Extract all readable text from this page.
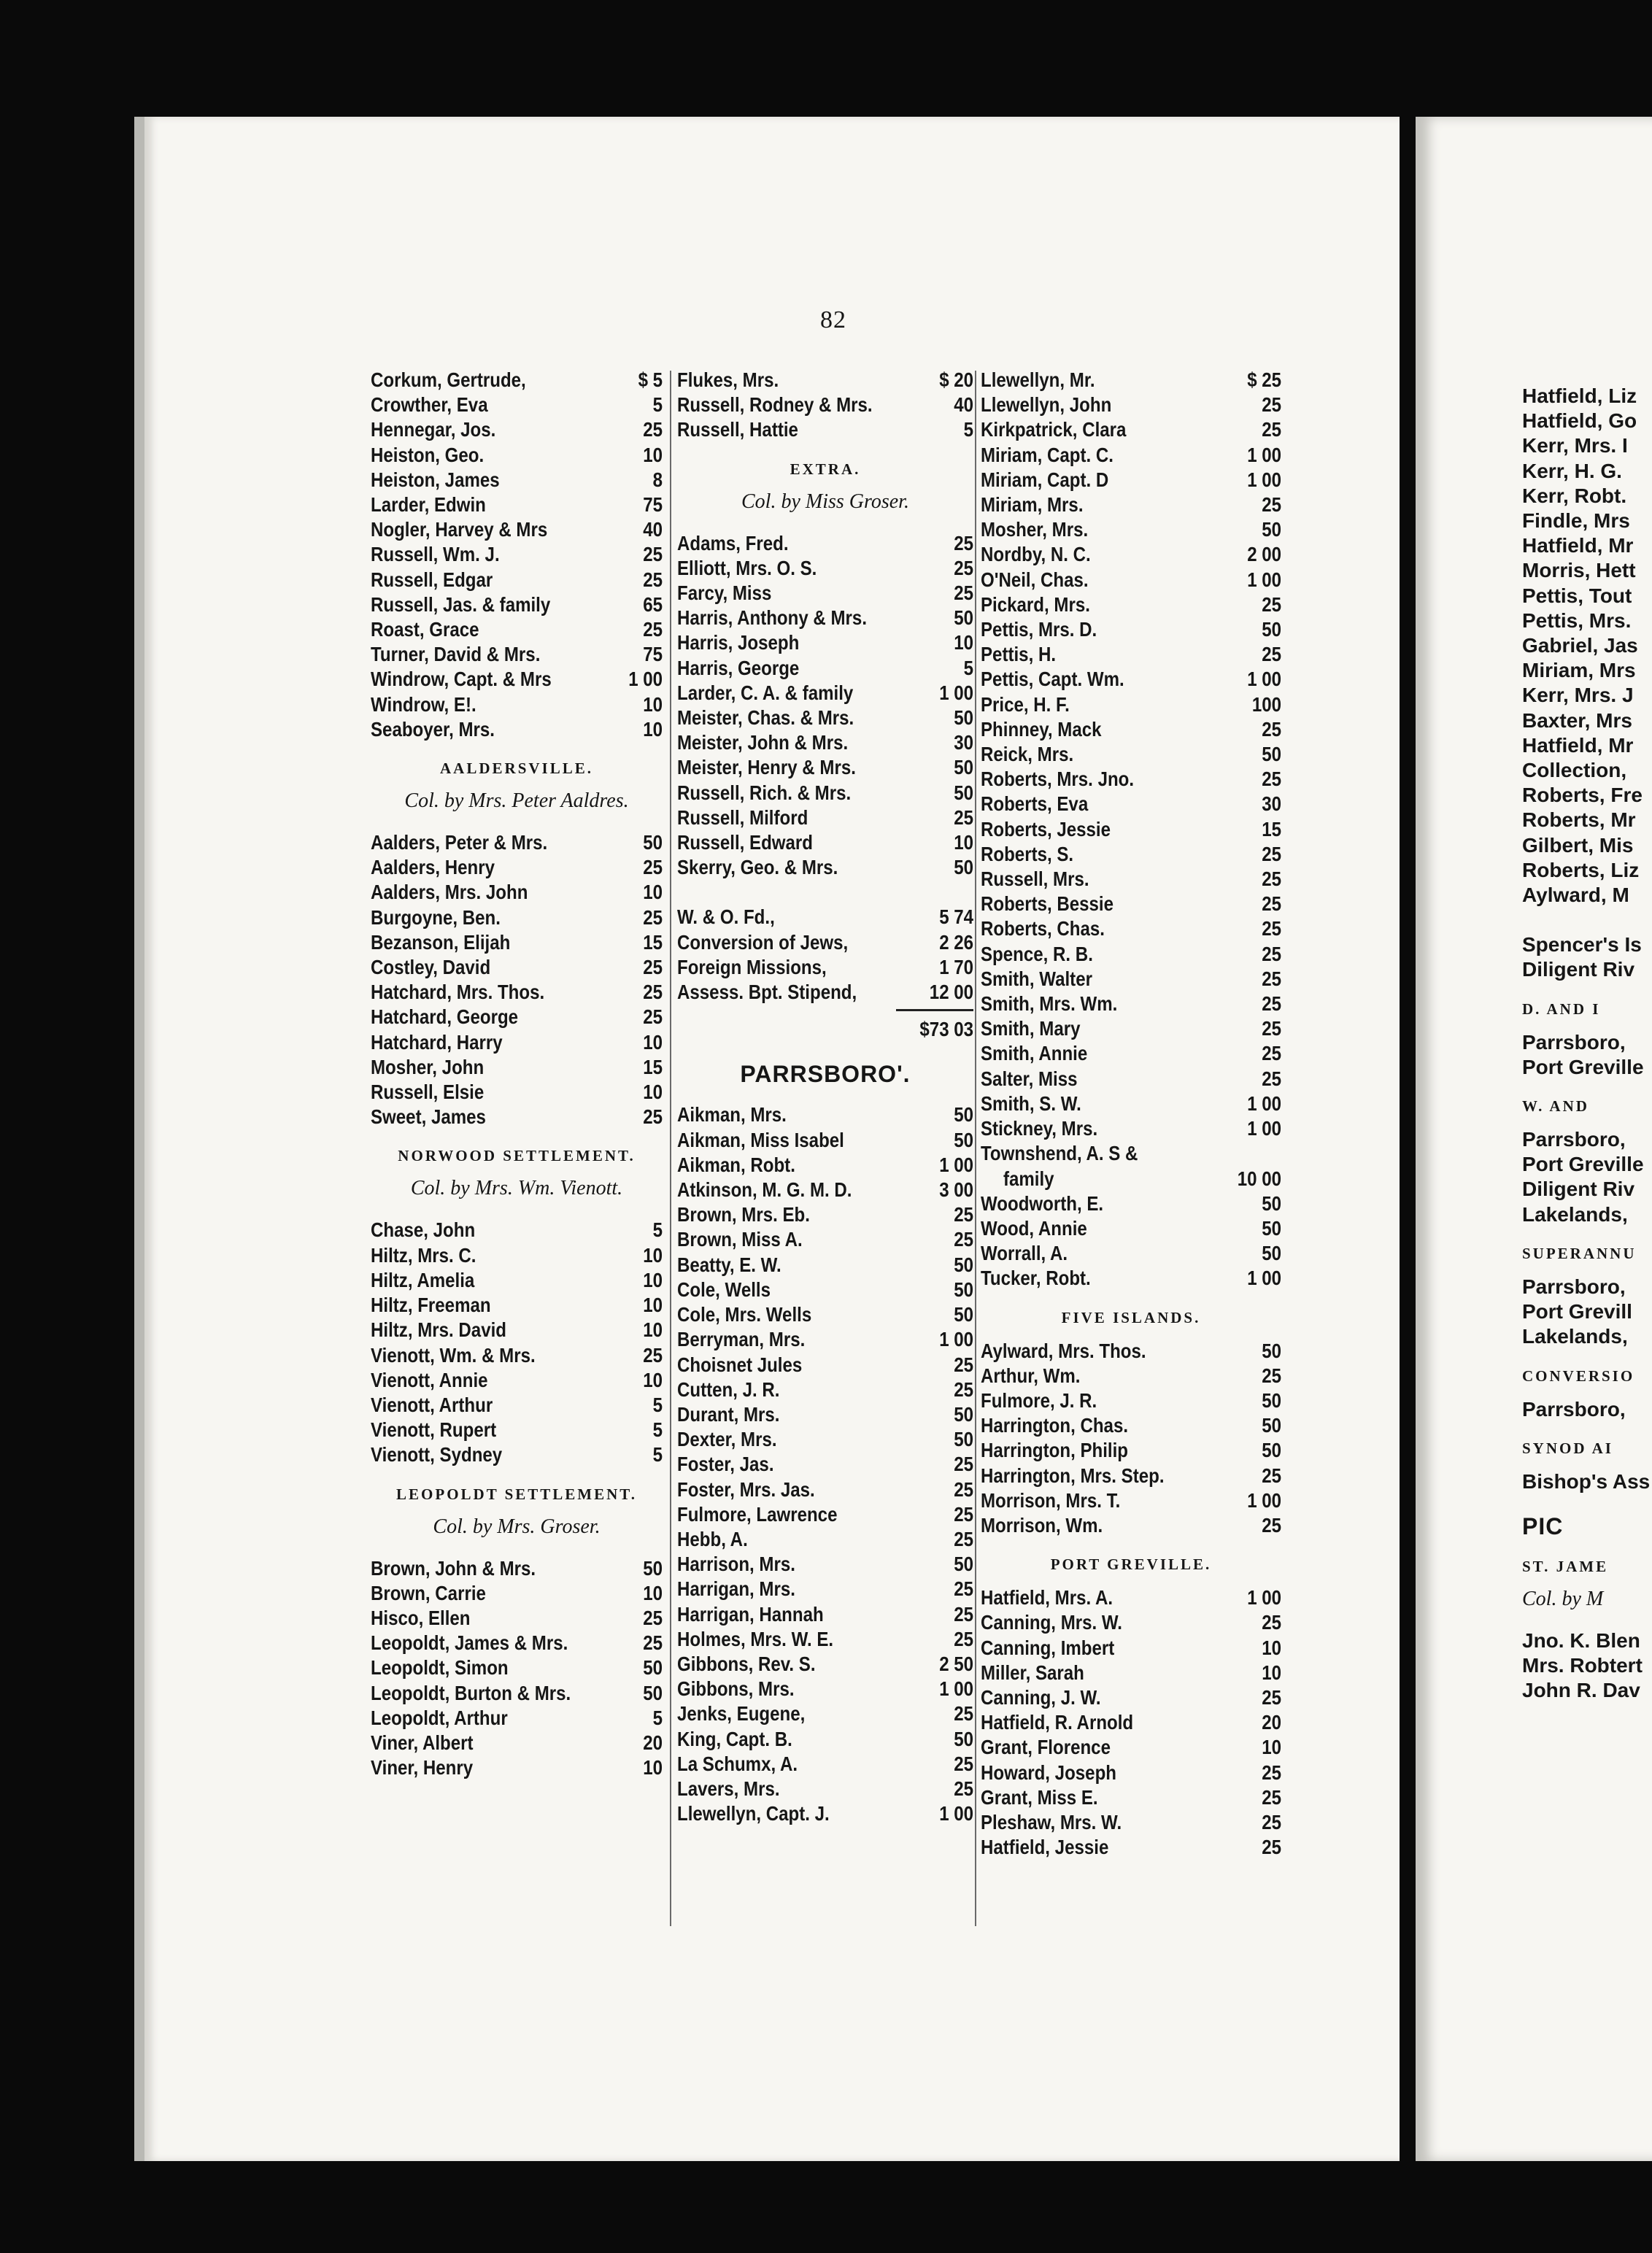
82
Corkum, Gertrude,	$ 5
Crowther, Eva	5
Hennegar, Jos.	25
Heiston, Geo.	10
Heiston, James	8
Larder, Edwin	75
Nogler, Harvey & Mrs	40
Russell, Wm. J.	25
Russell, Edgar	25
Russell, Jas. & family	65
Roast, Grace	25
Turner, David & Mrs.	75
Windrow, Capt. & Mrs	1 00
Windrow, E!.	10
Seaboyer, Mrs.	10
AALDERSVILLE.
Col. by Mrs. Peter Aaldres.
Aalders, Peter & Mrs.	50
Aalders, Henry	25
Aalders, Mrs. John	10
Burgoyne, Ben.	25
Bezanson, Elijah	15
Costley, David	25
Hatchard, Mrs. Thos.	25
Hatchard, George	25
Hatchard, Harry	10
Mosher, John	15
Russell, Elsie	10
Sweet, James	25
NORWOOD SETTLEMENT.
Col. by Mrs. Wm. Vienott.
Chase, John	5
Hiltz, Mrs. C.	10
Hiltz, Amelia	10
Hiltz, Freeman	10
Hiltz, Mrs. David	10
Vienott, Wm. & Mrs.	25
Vienott, Annie	10
Vienott, Arthur	5
Vienott, Rupert	5
Vienott, Sydney	5
LEOPOLDT SETTLEMENT.
Col. by Mrs. Groser.
Brown, John & Mrs.	50
Brown, Carrie	10
Hisco, Ellen	25
Leopoldt, James & Mrs.	25
Leopoldt, Simon	50
Leopoldt, Burton & Mrs.	50
Leopoldt, Arthur	5
Viner, Albert	20
Viner, Henry	10
Flukes, Mrs.	$ 20
Russell, Rodney & Mrs.	40
Russell, Hattie	5
EXTRA.
Col. by Miss Groser.
Adams, Fred.	25
Elliott, Mrs. O. S.	25
Farcy, Miss	25
Harris, Anthony & Mrs.	50
Harris, Joseph	10
Harris, George	5
Larder, C. A. & family	1 00
Meister, Chas. & Mrs.	50
Meister, John & Mrs.	30
Meister, Henry & Mrs.	50
Russell, Rich. & Mrs.	50
Russell, Milford	25
Russell, Edward	10
Skerry, Geo. & Mrs.	50
W. & O. Fd.,	5 74
Conversion of Jews,	2 26
Foreign Missions,	1 70
Assess. Bpt. Stipend,	12 00
$73 03
PARRSBORO'.
Aikman, Mrs.	50
Aikman, Miss Isabel	50
Aikman, Robt.	1 00
Atkinson, M. G. M. D.	3 00
Brown, Mrs. Eb.	25
Brown, Miss A.	25
Beatty, E. W.	50
Cole, Wells	50
Cole, Mrs. Wells	50
Berryman, Mrs.	1 00
Choisnet Jules	25
Cutten, J. R.	25
Durant, Mrs.	50
Dexter, Mrs.	50
Foster, Jas.	25
Foster, Mrs. Jas.	25
Fulmore, Lawrence	25
Hebb, A.	25
Harrison, Mrs.	50
Harrigan, Mrs.	25
Harrigan, Hannah	25
Holmes, Mrs. W. E.	25
Gibbons, Rev. S.	2 50
Gibbons, Mrs.	1 00
Jenks, Eugene,	25
King, Capt. B.	50
La Schumx, A.	25
Lavers, Mrs.	25
Llewellyn, Capt. J.	1 00
Llewellyn, Mr.	$ 25
Llewellyn, John	25
Kirkpatrick, Clara	25
Miriam, Capt. C.	1 00
Miriam, Capt. D	1 00
Miriam, Mrs.	25
Mosher, Mrs.	50
Nordby, N. C.	2 00
O'Neil, Chas.	1 00
Pickard, Mrs.	25
Pettis, Mrs. D.	50
Pettis, H.	25
Pettis, Capt. Wm.	1 00
Price, H. F.	100
Phinney, Mack	25
Reick, Mrs.	50
Roberts, Mrs. Jno.	25
Roberts, Eva	30
Roberts, Jessie	15
Roberts, S.	25
Russell, Mrs.	25
Roberts, Bessie	25
Roberts, Chas.	25
Spence, R. B.	25
Smith, Walter	25
Smith, Mrs. Wm.	25
Smith, Mary	25
Smith, Annie	25
Salter, Miss	25
Smith, S. W.	1 00
Stickney, Mrs.	1 00
Townshend, A. S &
family	10 00
Woodworth, E.	50
Wood, Annie	50
Worrall, A.	50
Tucker, Robt.	1 00
FIVE ISLANDS.
Aylward, Mrs. Thos.	50
Arthur, Wm.	25
Fulmore, J. R.	50
Harrington, Chas.	50
Harrington, Philip	50
Harrington, Mrs. Step.	25
Morrison, Mrs. T.	1 00
Morrison, Wm.	25
PORT GREVILLE.
Hatfield, Mrs. A.	1 00
Canning, Mrs. W.	25
Canning, Imbert	10
Miller, Sarah	10
Canning, J. W.	25
Hatfield, R. Arnold	20
Grant, Florence	10
Howard, Joseph	25
Grant, Miss E.	25
Pleshaw, Mrs. W.	25
Hatfield, Jessie	25
Hatfield, Liz
Hatfield, Go
Kerr, Mrs. I
Kerr, H. G.
Kerr, Robt.
Findle, Mrs
Hatfield, Mr
Morris, Hett
Pettis, Tout
Pettis, Mrs.
Gabriel, Jas
Miriam, Mrs
Kerr, Mrs. J
Baxter, Mrs
Hatfield, Mr
Collection,
Roberts, Fre
Roberts, Mr
Gilbert, Mis
Roberts, Liz
Aylward, M
Spencer's Is
Diligent Riv
D. AND I
Parrsboro,
Port Greville
W. AND
Parrsboro,
Port Greville
Diligent Riv
Lakelands,
SUPERANNU
Parrsboro,
Port Grevill
Lakelands,
CONVERSIO
Parrsboro,
SYNOD AI
Bishop's Ass
PIC
ST. JAME
Col. by M
Jno. K. Blen
Mrs. Robtert
John R. Dav
